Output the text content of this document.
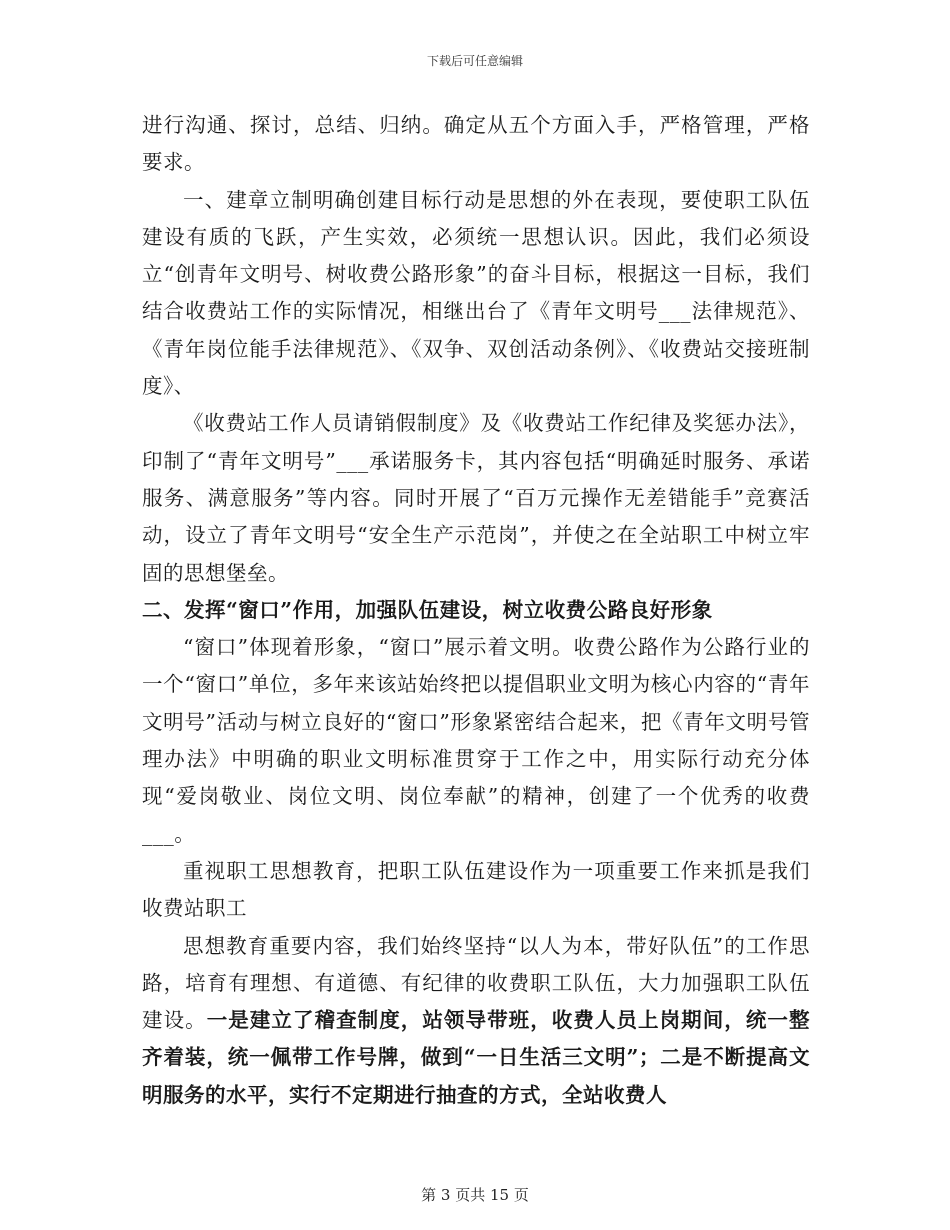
下载后可任意编辑

进行沟通、探讨，总结、归纳。确定从五个方面入手，严格管理，严格要求。

一、建章立制明确创建目标行动是思想的外在表现，要使职工队伍建设有质的飞跃，产生实效，必须统一思想认识。因此，我们必须设立“创青年文明号、树收费公路形象”的奋斗目标，根据这一目标，我们结合收费站工作的实际情况，相继出台了《青年文明号___法律规范》、《青年岗位能手法律规范》、《双争、双创活动条例》、《收费站交接班制度》、

《收费站工作人员请销假制度》及《收费站工作纪律及奖惩办法》，印制了“青年文明号”___承诺服务卡，其内容包括“明确延时服务、承诺服务、满意服务”等内容。同时开展了“百万元操作无差错能手”竞赛活动，设立了青年文明号“安全生产示范岗”，并使之在全站职工中树立牢固的思想堡垒。

二、发挥“窗口”作用，加强队伍建设，树立收费公路良好形象

“窗口”体现着形象，“窗口”展示着文明。收费公路作为公路行业的一个“窗口”单位，多年来该站始终把以提倡职业文明为核心内容的“青年文明号”活动与树立良好的“窗口”形象紧密结合起来，把《青年文明号管理办法》中明确的职业文明标准贯穿于工作之中，用实际行动充分体现“爱岗敬业、岗位文明、岗位奉献”的精神，创建了一个优秀的收费___。

重视职工思想教育，把职工队伍建设作为一项重要工作来抓是我们收费站职工

思想教育重要内容，我们始终坚持“以人为本，带好队伍”的工作思路，培育有理想、有道德、有纪律的收费职工队伍，大力加强职工队伍建设。一是建立了稽查制度，站领导带班，收费人员上岗期间，统一整齐着装，统一佩带工作号牌，做到“一日生活三文明”；二是不断提高文明服务的水平，实行不定期进行抽查的方式，全站收费人

第 3 页共 15 页
